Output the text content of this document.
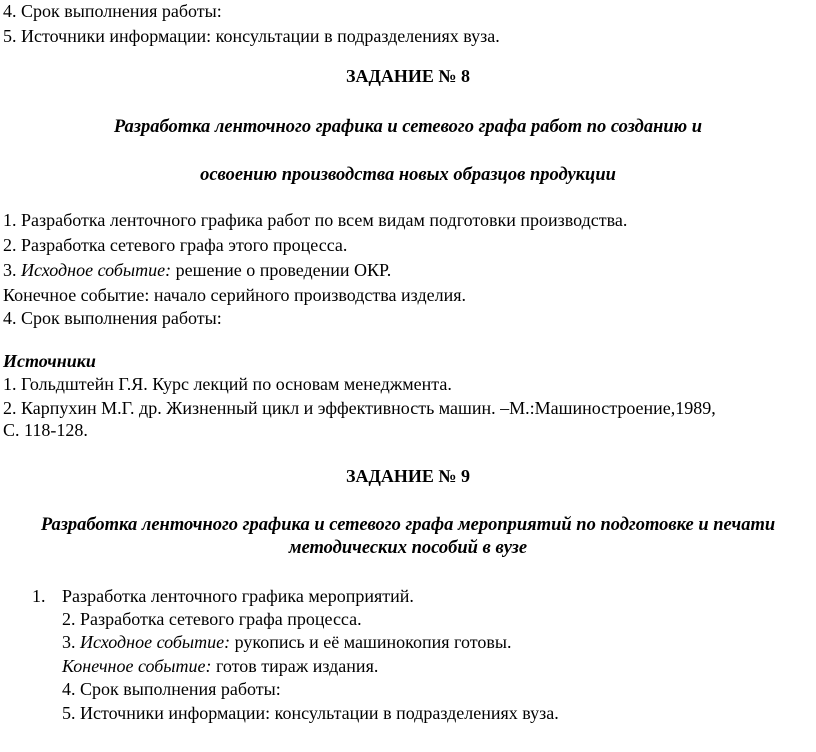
4. Срок выполнения работы:
5. Источники информации: консультации в подразделениях вуза.
ЗАДАНИЕ № 8
Разработка ленточного графика и сетевого графа работ по созданию и
освоению производства новых образцов продукции
1. Разработка ленточного графика работ по всем видам подготовки производства.
2. Разработка сетевого графа этого процесса.
3. Исходное событие: решение о проведении ОКР.
Конечное событие: начало серийного производства изделия.
4. Срок выполнения работы:
Источники
1. Гольдштейн Г.Я. Курс лекций по основам менеджмента.
2. Карпухин М.Г. др. Жизненный цикл и эффективность машин. –М.:Машиностроение,1989,
С. 118-128.
ЗАДАНИЕ № 9
Разработка ленточного графика и сетевого графа мероприятий по подготовке и печати
методических пособий в вузе
1. Разработка ленточного графика мероприятий.
2. Разработка сетевого графа процесса.
3. Исходное событие: рукопись и её машинокопия готовы.
Конечное событие: готов тираж издания.
4. Срок выполнения работы:
5. Источники информации: консультации в подразделениях вуза.
